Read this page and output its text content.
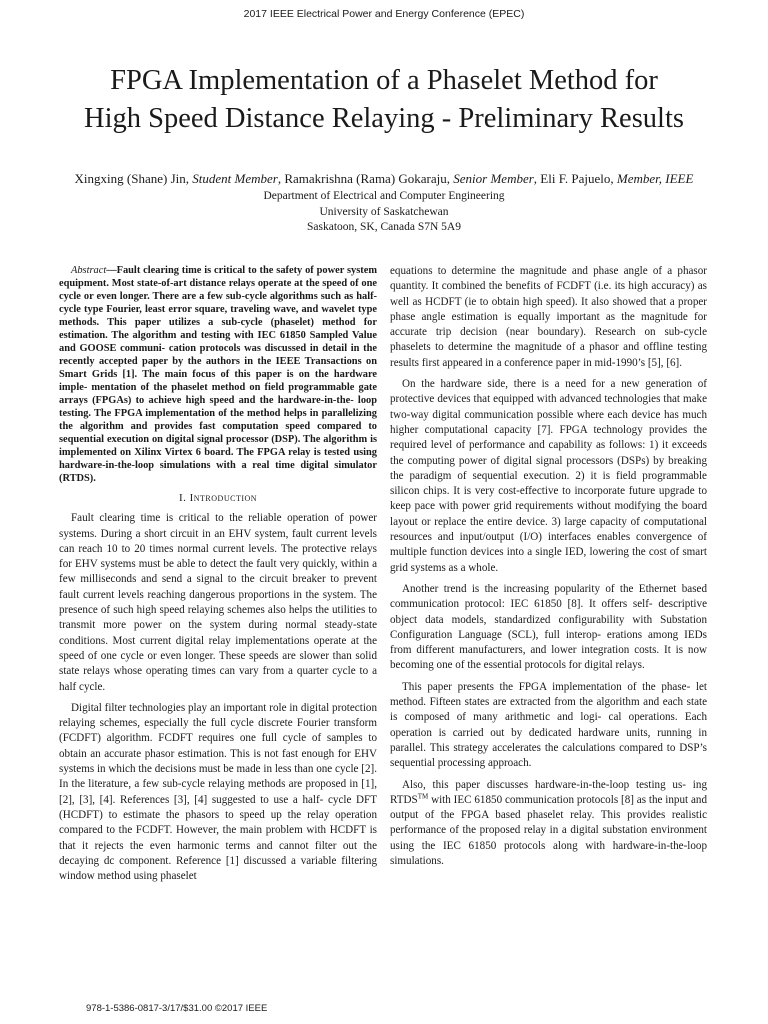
2017 IEEE Electrical Power and Energy Conference (EPEC)
FPGA Implementation of a Phaselet Method for
High Speed Distance Relaying - Preliminary Results
Xingxing (Shane) Jin, Student Member, Ramakrishna (Rama) Gokaraju, Senior Member, Eli F. Pajuelo, Member, IEEE
Department of Electrical and Computer Engineering
University of Saskatchewan
Saskatoon, SK, Canada S7N 5A9

Abstract—Fault clearing time is critical to the safety of power system equipment. Most state-of-art distance relays operate at the speed of one cycle or even longer. There are a few sub-cycle algorithms such as half-cycle type Fourier, least error square, traveling wave, and wavelet type methods. This paper utilizes a sub-cycle (phaselet) method for estimation. The algorithm and testing with IEC 61850 Sampled Value and GOOSE communi- cation protocols was discussed in detail in the recently accepted paper by the authors in the IEEE Transactions on Smart Grids [1]. The main focus of this paper is on the hardware imple- mentation of the phaselet method on field programmable gate arrays (FPGAs) to achieve high speed and the hardware-in-the- loop testing. The FPGA implementation of the method helps in parallelizing the algorithm and provides fast computation speed compared to sequential execution on digital signal processor (DSP). The algorithm is implemented on Xilinx Virtex 6 board. The FPGA relay is tested using hardware-in-the-loop simulations with a real time digital simulator (RTDS).

I. Introduction

Fault clearing time is critical to the reliable operation of power systems. During a short circuit in an EHV system, fault current levels can reach 10 to 20 times normal current levels. The protective relays for EHV systems must be able to detect the fault very quickly, within a few milliseconds and send a signal to the circuit breaker to prevent fault current levels reaching dangerous proportions in the system. The presence of such high speed relaying schemes also helps the utilities to transmit more power on the system during normal steady-state conditions. Most current digital relay implementations operate at the speed of one cycle or even longer. These speeds are slower than solid state relays whose operating times can vary from a quarter cycle to a half cycle.

Digital filter technologies play an important role in digital protection relaying schemes, especially the full cycle discrete Fourier transform (FCDFT) algorithm. FCDFT requires one full cycle of samples to obtain an accurate phasor estimation. This is not fast enough for EHV systems in which the decisions must be made in less than one cycle [2]. In the literature, a few sub-cycle relaying methods are proposed in [1], [2], [3], [4]. References [3], [4] suggested to use a half- cycle DFT (HCDFT) to estimate the phasors to speed up the relay operation compared to the FCDFT. However, the main problem with HCDFT is that it rejects the even harmonic terms and cannot filter out the decaying dc component. Reference [1] discussed a variable filtering window method using phaselet

equations to determine the magnitude and phase angle of a phasor quantity. It combined the benefits of FCDFT (i.e. its high accuracy) as well as HCDFT (ie to obtain high speed). It also showed that a proper phase angle estimation is equally important as the magnitude for accurate trip decision (near boundary). Research on sub-cycle phaselets to determine the magnitude of a phasor and offline testing results first appeared in a conference paper in mid-1990’s [5], [6].

On the hardware side, there is a need for a new generation of protective devices that equipped with advanced technologies that make two-way digital communication possible where each device has much higher computational capacity [7]. FPGA technology provides the required level of performance and capability as follows: 1) it exceeds the computing power of digital signal processors (DSPs) by breaking the paradigm of sequential execution. 2) it is field programmable silicon chips. It is very cost-effective to incorporate future upgrade to keep pace with power grid requirements without modifying the board layout or replace the entire device. 3) large capacity of computational resources and input/output (I/O) interfaces enables convergence of multiple function devices into a single IED, lowering the cost of smart grid systems as a whole.

Another trend is the increasing popularity of the Ethernet based communication protocol: IEC 61850 [8]. It offers self- descriptive object data models, standardized configurability with Substation Configuration Language (SCL), full interop- erations among IEDs from different manufacturers, and lower integration costs. It is now becoming one of the essential protocols for digital relays.

This paper presents the FPGA implementation of the phase- let method. Fifteen states are extracted from the algorithm and each state is composed of many arithmetic and logi- cal operations. Each operation is carried out by dedicated hardware units, running in parallel. This strategy accelerates the calculations compared to DSP’s sequential processing approach.

Also, this paper discusses hardware-in-the-loop testing us- ing RTDS™ with IEC 61850 communication protocols [8] as the input and output of the FPGA based phaselet relay. This provides realistic performance of the proposed relay in a digital substation environment using the IEC 61850 protocols along with hardware-in-the-loop simulations.

978-1-5386-0817-3/17/$31.00 ©2017 IEEE
